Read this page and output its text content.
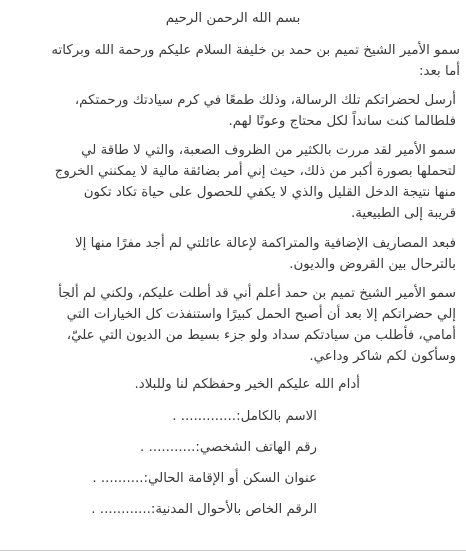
بسم الله الرحمن الرحيم

سمو الأمير الشيخ تميم بن حمد بن خليفة السلام عليكم ورحمة الله وبركاته

أما بعد:

أرسل لحضراتكم تلك الرسالة، وذلك طمعًا في كرم سيادتك ورحمتكم،

فلطالما كنت سانداً لكل محتاج وعونًا لهم.

سمو الأمير لقد مررت بالكثير من الظروف الصعبة، والتي لا طاقة لي

لتحملها بصورة أكبر من ذلك، حيث إني أمر بضائقة مالية لا يمكنني الخروج

منها نتيجة الدخل القليل والذي لا يكفي للحصول على حياة تكاد تكون

قريبة إلى الطبيعية.

فبعد المصاريف الإضافية والمتراكمة لإعالة عائلتي لم أجد مفرًا منها إلا

بالترحال بين القروض والديون.

سمو الأمير الشيخ تميم بن حمد أعلم أني قد أطلت عليكم، ولكني لم ألجأ

إلي حضراتكم إلا بعد أن أصبح الحمل كبيرًا واستنفذت كل الخيارات التي

أمامي، فأطلب من سيادتكم سداد ولو جزء بسيط من الديون التي عليّ،

وسأكون لكم شاكر وداعي.

أدام الله عليكم الخير وحفظكم لنا وللبلاد.

الاسم بالكامل:............. .

رقم الهاتف الشخصي:........... .

عنوان السكن أو الإقامة الحالي:.......... .

الرقم الخاص بالأحوال المدنية:............ .
